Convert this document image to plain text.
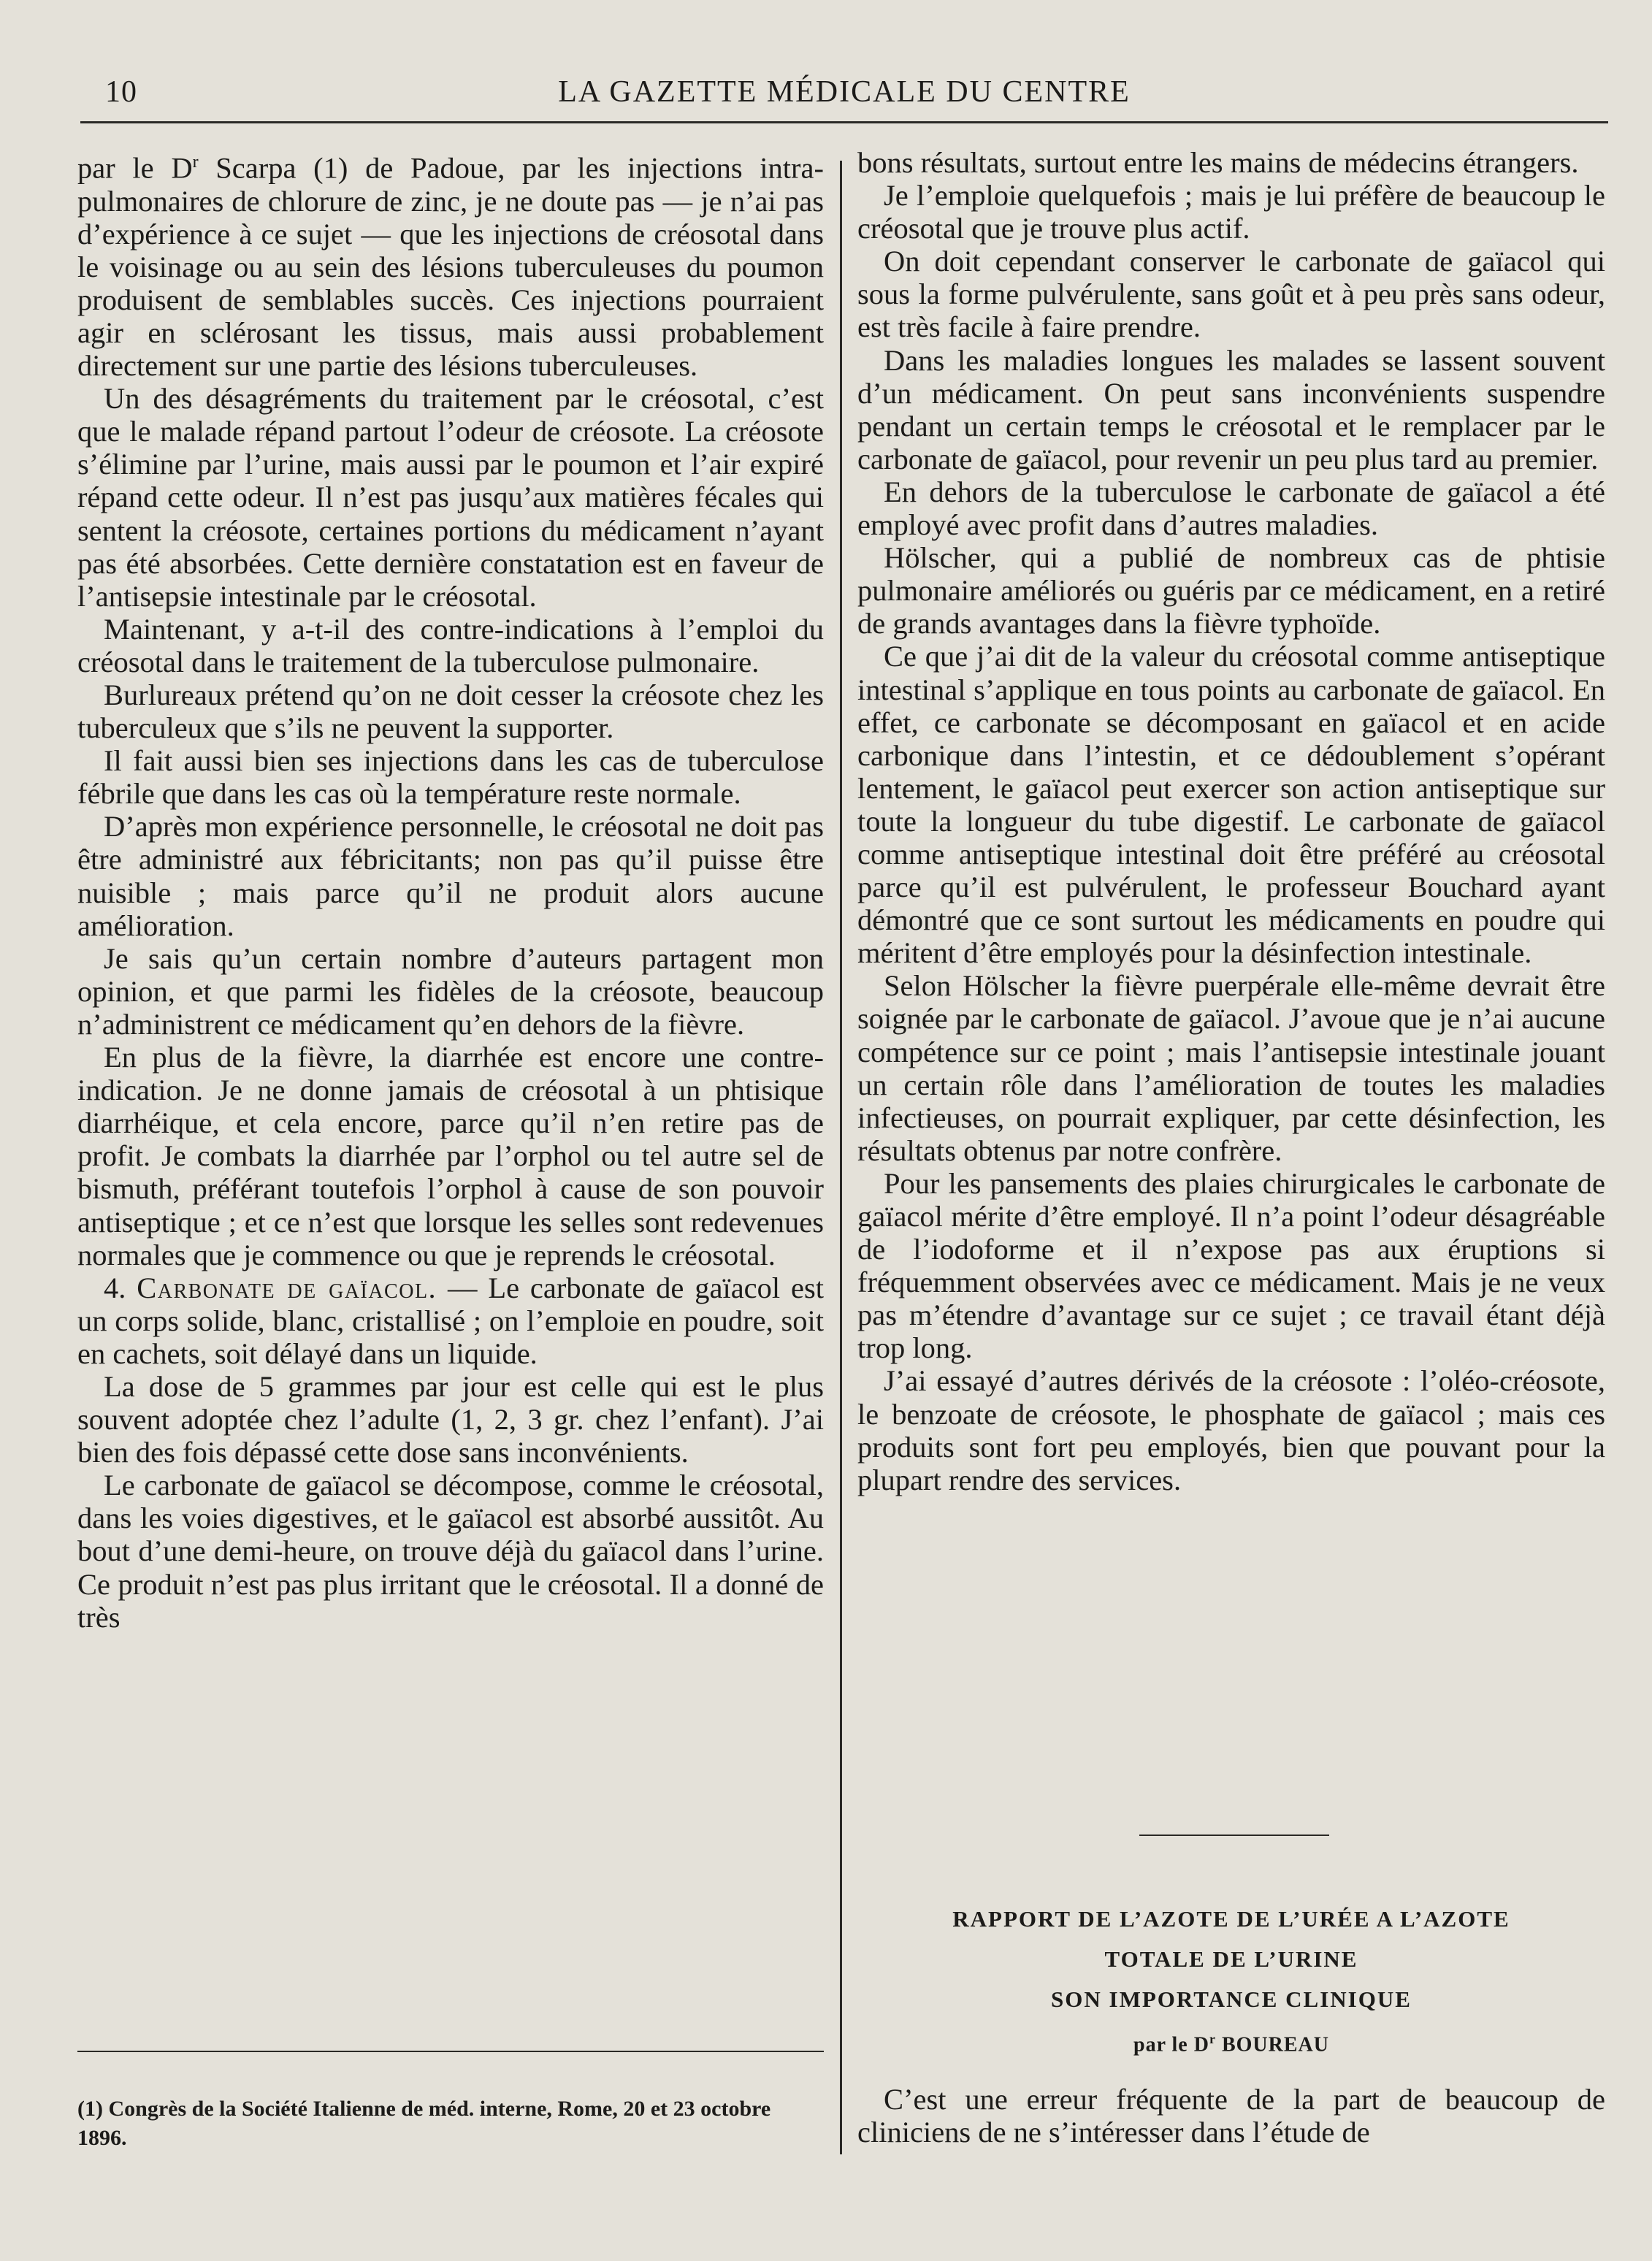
10	LA GAZETTE MÉDICALE DU CENTRE

par le $D^r$ Scarpa (1) de Padoue, par les injections intra-pulmonaires de chlorure de zinc, je ne doute pas — je n’ai pas d’expérience à ce sujet — que les injections de créosotal dans le voisinage ou au sein des lésions tuberculeuses du poumon produisent de semblables succès. Ces injections pourraient agir en sclérosant les tissus, mais aussi probablement directement sur une partie des lésions tuberculeuses.

Un des désagréments du traitement par le créosotal, c’est que le malade répand partout l’odeur de créosote. La créosote s’élimine par l’urine, mais aussi par le poumon et l’air expiré répand cette odeur. Il n’est pas jusqu’aux matières fécales qui sentent la créosote, certaines portions du médicament n’ayant pas été absorbées. Cette dernière constatation est en faveur de l’antisepsie intestinale par le créosotal.

Maintenant, y a-t-il des contre-indications à l’emploi du créosotal dans le traitement de la tuberculose pulmonaire.

Burlureaux prétend qu’on ne doit cesser la créosote chez les tuberculeux que s’ils ne peuvent la supporter.

Il fait aussi bien ses injections dans les cas de tuberculose fébrile que dans les cas où la température reste normale.

D’après mon expérience personnelle, le créosotal ne doit pas être administré aux fébricitants; non pas qu’il puisse être nuisible ; mais parce qu’il ne produit alors aucune amélioration.

Je sais qu’un certain nombre d’auteurs partagent mon opinion, et que parmi les fidèles de la créosote, beaucoup n’administrent ce médicament qu’en dehors de la fièvre.

En plus de la fièvre, la diarrhée est encore une contre-indication. Je ne donne jamais de créosotal à un phtisique diarrhéique, et cela encore, parce qu’il n’en retire pas de profit. Je combats la diarrhée par l’orphol ou tel autre sel de bismuth, préférant toutefois l’orphol à cause de son pouvoir antiseptique ; et ce n’est que lorsque les selles sont redevenues normales que je commence ou que je reprends le créosotal.

4. Carbonate de gaïacol. — Le carbonate de gaïacol est un corps solide, blanc, cristallisé ; on l’emploie en poudre, soit en cachets, soit délayé dans un liquide.

La dose de 5 grammes par jour est celle qui est le plus souvent adoptée chez l’adulte (1, 2, 3 gr. chez l’enfant). J’ai bien des fois dépassé cette dose sans inconvénients.

Le carbonate de gaïacol se décompose, comme le créosotal, dans les voies digestives, et le gaïacol est absorbé aussitôt. Au bout d’une demi-heure, on trouve déjà du gaïacol dans l’urine. Ce produit n’est pas plus irritant que le créosotal. Il a donné de très

(1) Congrès de la Société Italienne de méd. interne, Rome, 20 et 23 octobre 1896.

bons résultats, surtout entre les mains de médecins étrangers.

Je l’emploie quelquefois ; mais je lui préfère de beaucoup le créosotal que je trouve plus actif.

On doit cependant conserver le carbonate de gaïacol qui sous la forme pulvérulente, sans goût et à peu près sans odeur, est très facile à faire prendre.

Dans les maladies longues les malades se lassent souvent d’un médicament. On peut sans inconvénients suspendre pendant un certain temps le créosotal et le remplacer par le carbonate de gaïacol, pour revenir un peu plus tard au premier.

En dehors de la tuberculose le carbonate de gaïacol a été employé avec profit dans d’autres maladies.

Hölscher, qui a publié de nombreux cas de phtisie pulmonaire améliorés ou guéris par ce médicament, en a retiré de grands avantages dans la fièvre typhoïde.

Ce que j’ai dit de la valeur du créosotal comme antiseptique intestinal s’applique en tous points au carbonate de gaïacol. En effet, ce carbonate se décomposant en gaïacol et en acide carbonique dans l’intestin, et ce dédoublement s’opérant lentement, le gaïacol peut exercer son action antiseptique sur toute la longueur du tube digestif. Le carbonate de gaïacol comme antiseptique intestinal doit être préféré au créosotal parce qu’il est pulvérulent, le professeur Bouchard ayant démontré que ce sont surtout les médicaments en poudre qui méritent d’être employés pour la désinfection intestinale.

Selon Hölscher la fièvre puerpérale elle-même devrait être soignée par le carbonate de gaïacol. J’avoue que je n’ai aucune compétence sur ce point ; mais l’antisepsie intestinale jouant un certain rôle dans l’amélioration de toutes les maladies infectieuses, on pourrait expliquer, par cette désinfection, les résultats obtenus par notre confrère.

Pour les pansements des plaies chirurgicales le carbonate de gaïacol mérite d’être employé. Il n’a point l’odeur désagréable de l’iodoforme et il n’expose pas aux éruptions si fréquemment observées avec ce médicament. Mais je ne veux pas m’étendre d’avantage sur ce sujet ; ce travail étant déjà trop long.

J’ai essayé d’autres dérivés de la créosote : l’oléo-créosote, le benzoate de créosote, le phosphate de gaïacol ; mais ces produits sont fort peu employés, bien que pouvant pour la plupart rendre des services.

RAPPORT DE L’AZOTE DE L’URÉE A L’AZOTE
TOTALE DE L’URINE
SON IMPORTANCE CLINIQUE
par le $D^r$ BOUREAU

C’est une erreur fréquente de la part de beaucoup de cliniciens de ne s’intéresser dans l’étude de
